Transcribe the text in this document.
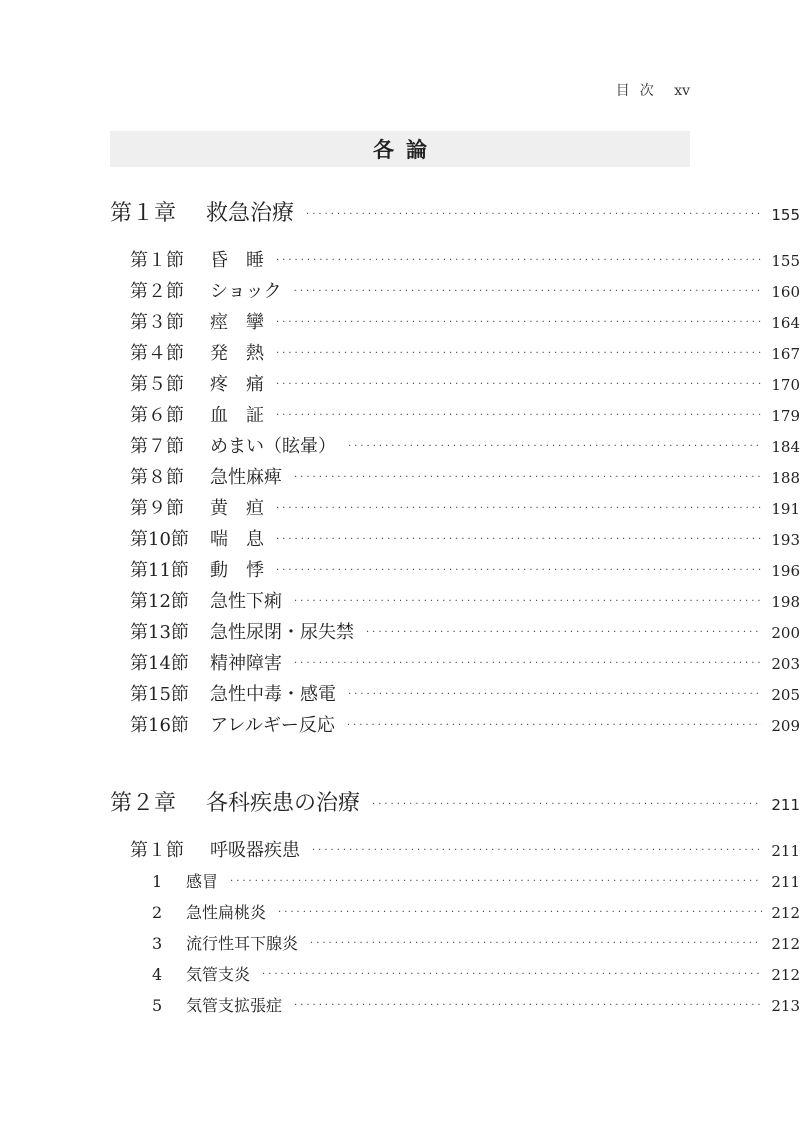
目次 xv
各論
第１章	救急治療 ·····	155
第１節	昏　睡 ·····	155
第２節	ショック ·····	160
第３節	痙　攣 ·····	164
第４節	発　熱 ·····	167
第５節	疼　痛 ·····	170
第６節	血　証 ·····	179
第７節	めまい（眩暈） ·····	184
第８節	急性麻痺 ·····	188
第９節	黄　疸 ·····	191
第10節	喘　息 ·····	193
第11節	動　悸 ·····	196
第12節	急性下痢 ·····	198
第13節	急性尿閉・尿失禁 ·····	200
第14節	精神障害 ·····	203
第15節	急性中毒・感電 ·····	205
第16節	アレルギー反応 ·····	209
第２章	各科疾患の治療 ·····	211
第１節	呼吸器疾患 ·····	211
1	感冒 ·····	211
2	急性扁桃炎 ·····	212
3	流行性耳下腺炎 ·····	212
4	気管支炎 ·····	212
5	気管支拡張症 ·····	213
